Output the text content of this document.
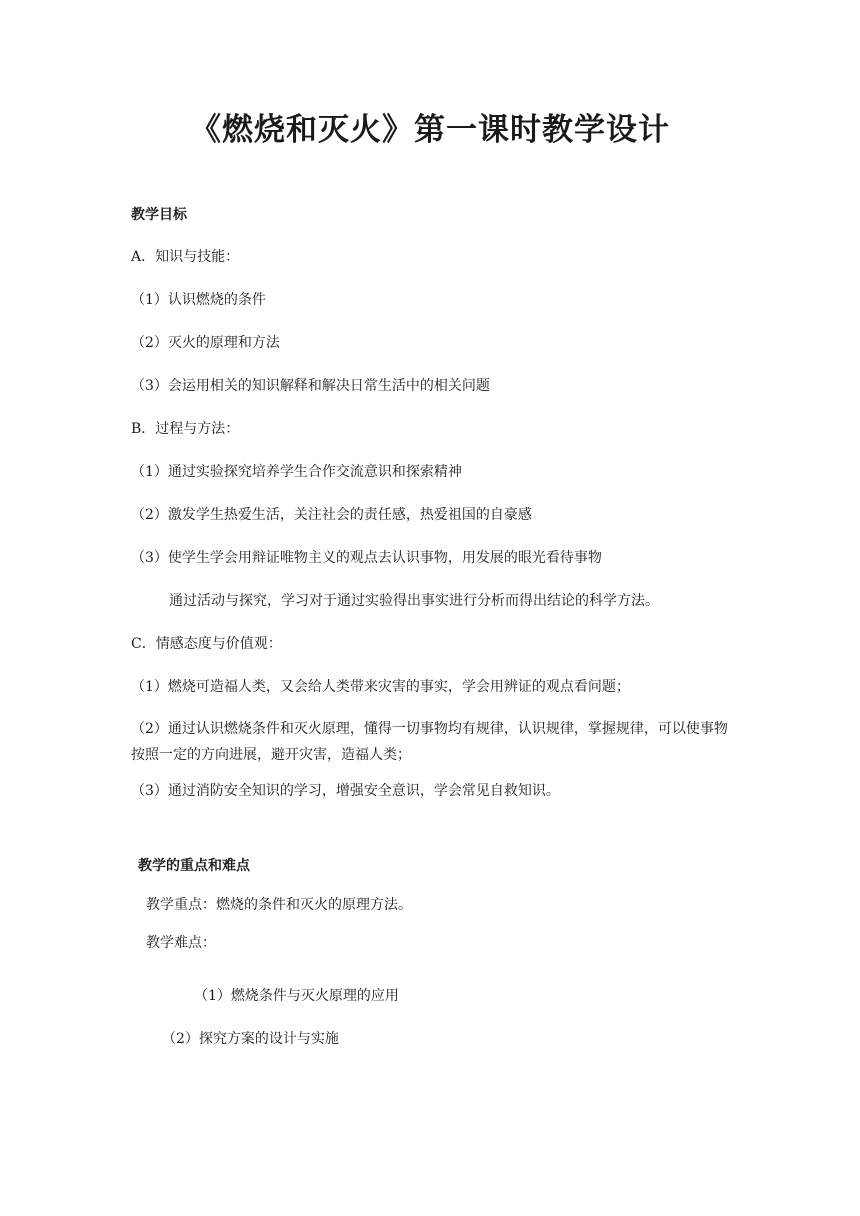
《燃烧和灭火》第一课时教学设计
教学目标
A．知识与技能：
（1）认识燃烧的条件
（2）灭火的原理和方法
（3）会运用相关的知识解释和解决日常生活中的相关问题
B．过程与方法：
（1）通过实验探究培养学生合作交流意识和探索精神
（2）激发学生热爱生活，关注社会的责任感，热爱祖国的自豪感
（3）使学生学会用辩证唯物主义的观点去认识事物，用发展的眼光看待事物
通过活动与探究，学习对于通过实验得出事实进行分析而得出结论的科学方法。
C．情感态度与价值观：
（1）燃烧可造福人类，又会给人类带来灾害的事实，学会用辨证的观点看问题；
（2）通过认识燃烧条件和灭火原理，懂得一切事物均有规律，认识规律，掌握规律，可以使事物按照一定的方向进展，避开灾害，造福人类；
（3）通过消防安全知识的学习，增强安全意识，学会常见自救知识。
教学的重点和难点
教学重点：燃烧的条件和灭火的原理方法。
教学难点：
（1）燃烧条件与灭火原理的应用
（2）探究方案的设计与实施
